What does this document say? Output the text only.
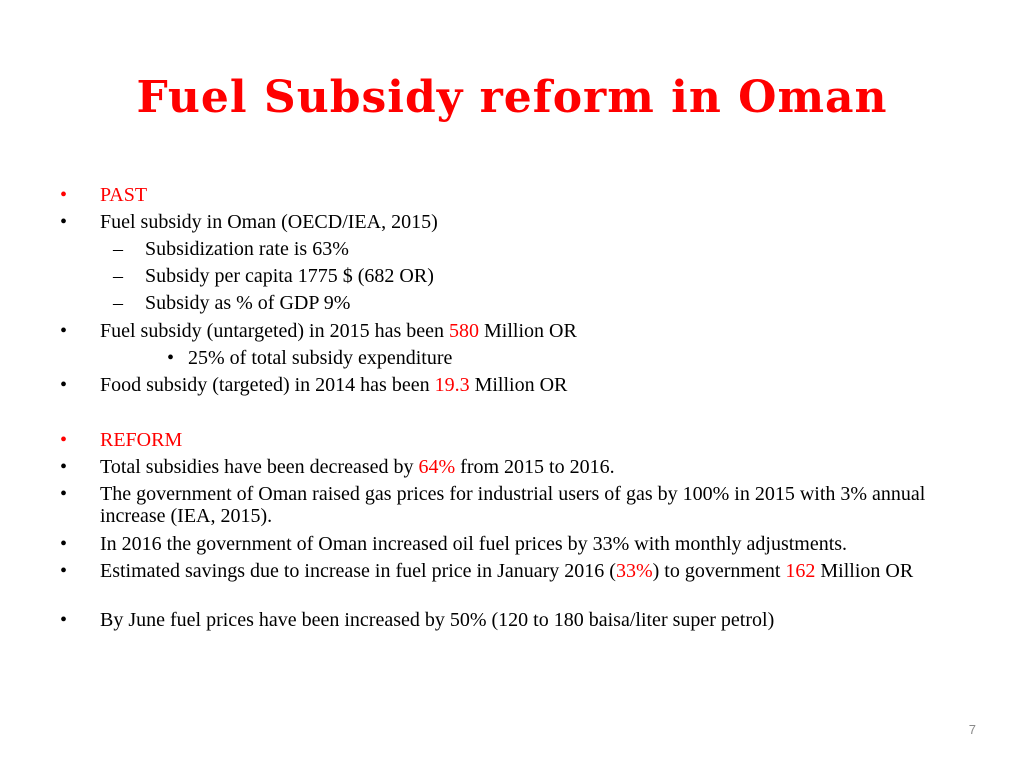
Fuel Subsidy reform in Oman
• PAST
• Fuel subsidy in Oman (OECD/IEA, 2015)
– Subsidization rate is 63%
– Subsidy per capita 1775 $ (682 OR)
– Subsidy as % of GDP 9%
• Fuel subsidy (untargeted) in 2015 has been 580 Million OR
• 25% of total subsidy expenditure
• Food subsidy (targeted) in 2014 has been 19.3 Million OR
• REFORM
• Total subsidies have been decreased by 64% from 2015 to 2016.
• The government of Oman raised gas prices for industrial users of gas by 100% in 2015 with 3% annual increase (IEA, 2015).
• In 2016 the government of Oman increased oil fuel prices by 33% with monthly adjustments.
• Estimated savings due to increase in fuel price in January 2016 (33%) to government 162 Million OR
• By June fuel prices have been increased by 50% (120 to 180 baisa/liter super petrol)
7
